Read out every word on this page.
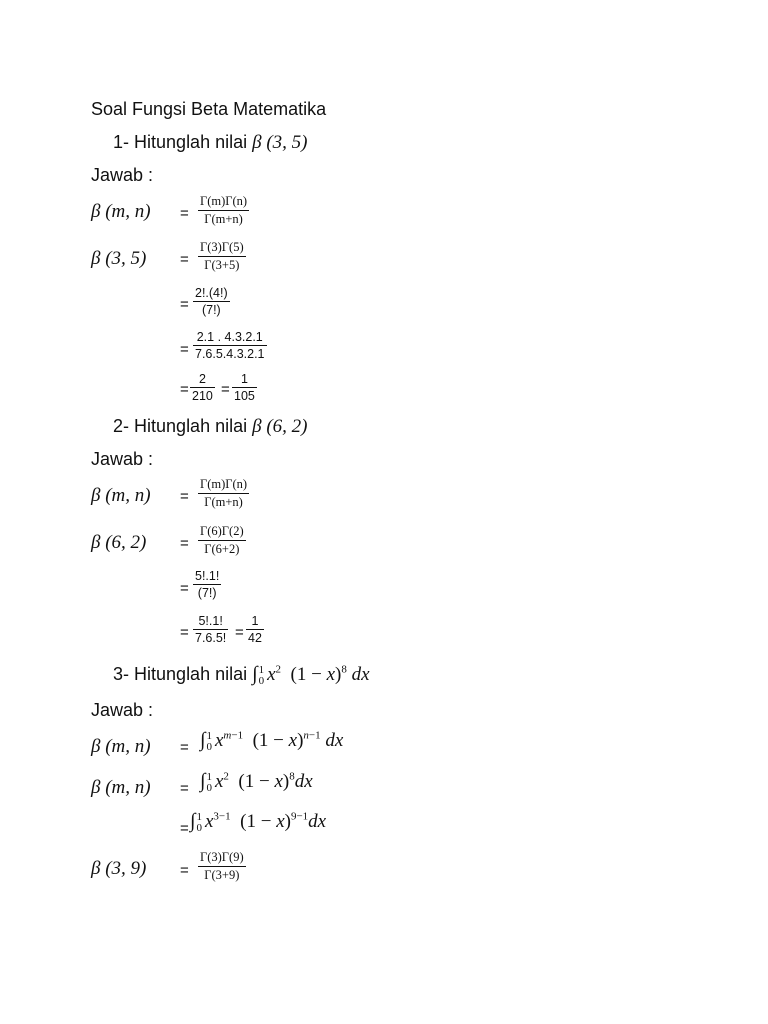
Soal Fungsi Beta Matematika
1- Hitunglah nilai β (3, 5)
Jawab :
β (m, $n) = \frac{\Gamma(m)\Gamma(n)}{\Gamma(m+n)}$
β (3, $5) = \frac{\Gamma(3)\Gamma(5)}{\Gamma(3+5)}$
= $\frac{2!.(4!)}{(7!)}$
= $\frac{2.1 . 4.3.2.1}{7.6.5.4.3.2.1}$
= $\frac{2}{210} = \frac{1}{105}$
2- Hitunglah nilai β (6, 2)
Jawab :
β (m, $n) = \frac{\Gamma(m)\Gamma(n)}{\Gamma(m+n)}$
β (6, $2) = \frac{\Gamma(6)\Gamma(2)}{\Gamma(6+2)}$
= $\frac{5!.1!}{(7!)}$
= $\frac{5!.1!}{7.6.5!} = \frac{1}{42}$
3- Hitunglah nilai ∫ 1
0 $x^2$  $(1 - x)^8$ dx
Jawab :
β (m, n) = ∫ 1
0 $x^{m-1}$  $(1 - x)^{n-1}$ dx
β (m, n) = ∫ 1
0 $x^2$  $(1 - x)^8dx$
= ∫ 1
0 $x^{3-1}$  $(1 - x)^{9-1}dx$
β (3, $9) = \frac{\Gamma(3)\Gamma(9)}{\Gamma(3+9)}$
